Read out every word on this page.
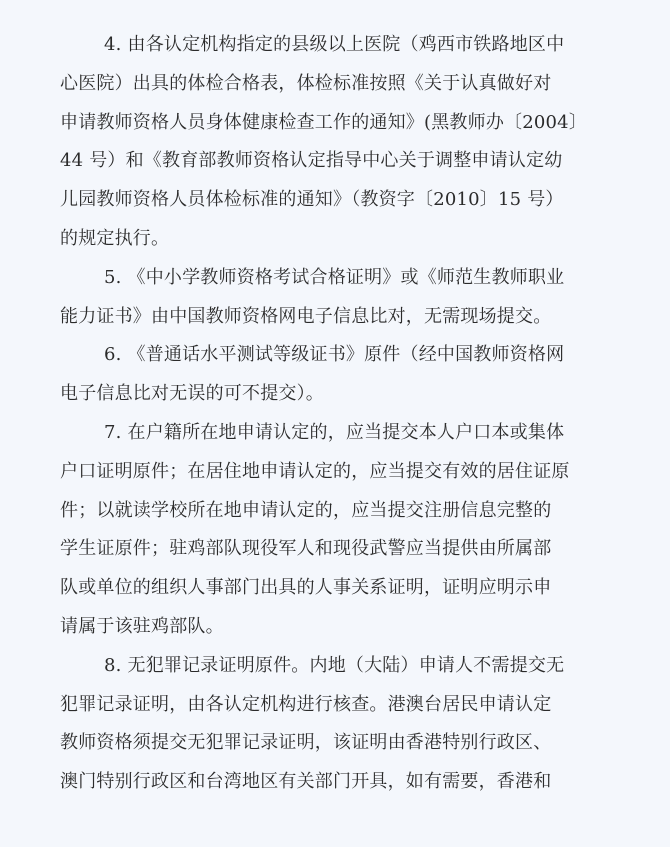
4. 由各认定机构指定的县级以上医院（鸡西市铁路地区中
心医院）出具的体检合格表，体检标准按照《关于认真做好对
申请教师资格人员身体健康检查工作的通知》(黑教师办〔2004〕
44 号）和《教育部教师资格认定指导中心关于调整申请认定幼
儿园教师资格人员体检标准的通知》（教资字〔2010〕15 号）
的规定执行。
5. 《中小学教师资格考试合格证明》或《师范生教师职业
能力证书》由中国教师资格网电子信息比对，无需现场提交。
6. 《普通话水平测试等级证书》原件（经中国教师资格网
电子信息比对无误的可不提交）。
7. 在户籍所在地申请认定的，应当提交本人户口本或集体
户口证明原件；在居住地申请认定的，应当提交有效的居住证原
件；以就读学校所在地申请认定的，应当提交注册信息完整的
学生证原件；驻鸡部队现役军人和现役武警应当提供由所属部
队或单位的组织人事部门出具的人事关系证明，证明应明示申
请属于该驻鸡部队。
8. 无犯罪记录证明原件。内地（大陆）申请人不需提交无
犯罪记录证明，由各认定机构进行核查。港澳台居民申请认定
教师资格须提交无犯罪记录证明，该证明由香港特别行政区、
澳门特别行政区和台湾地区有关部门开具，如有需要，香港和
